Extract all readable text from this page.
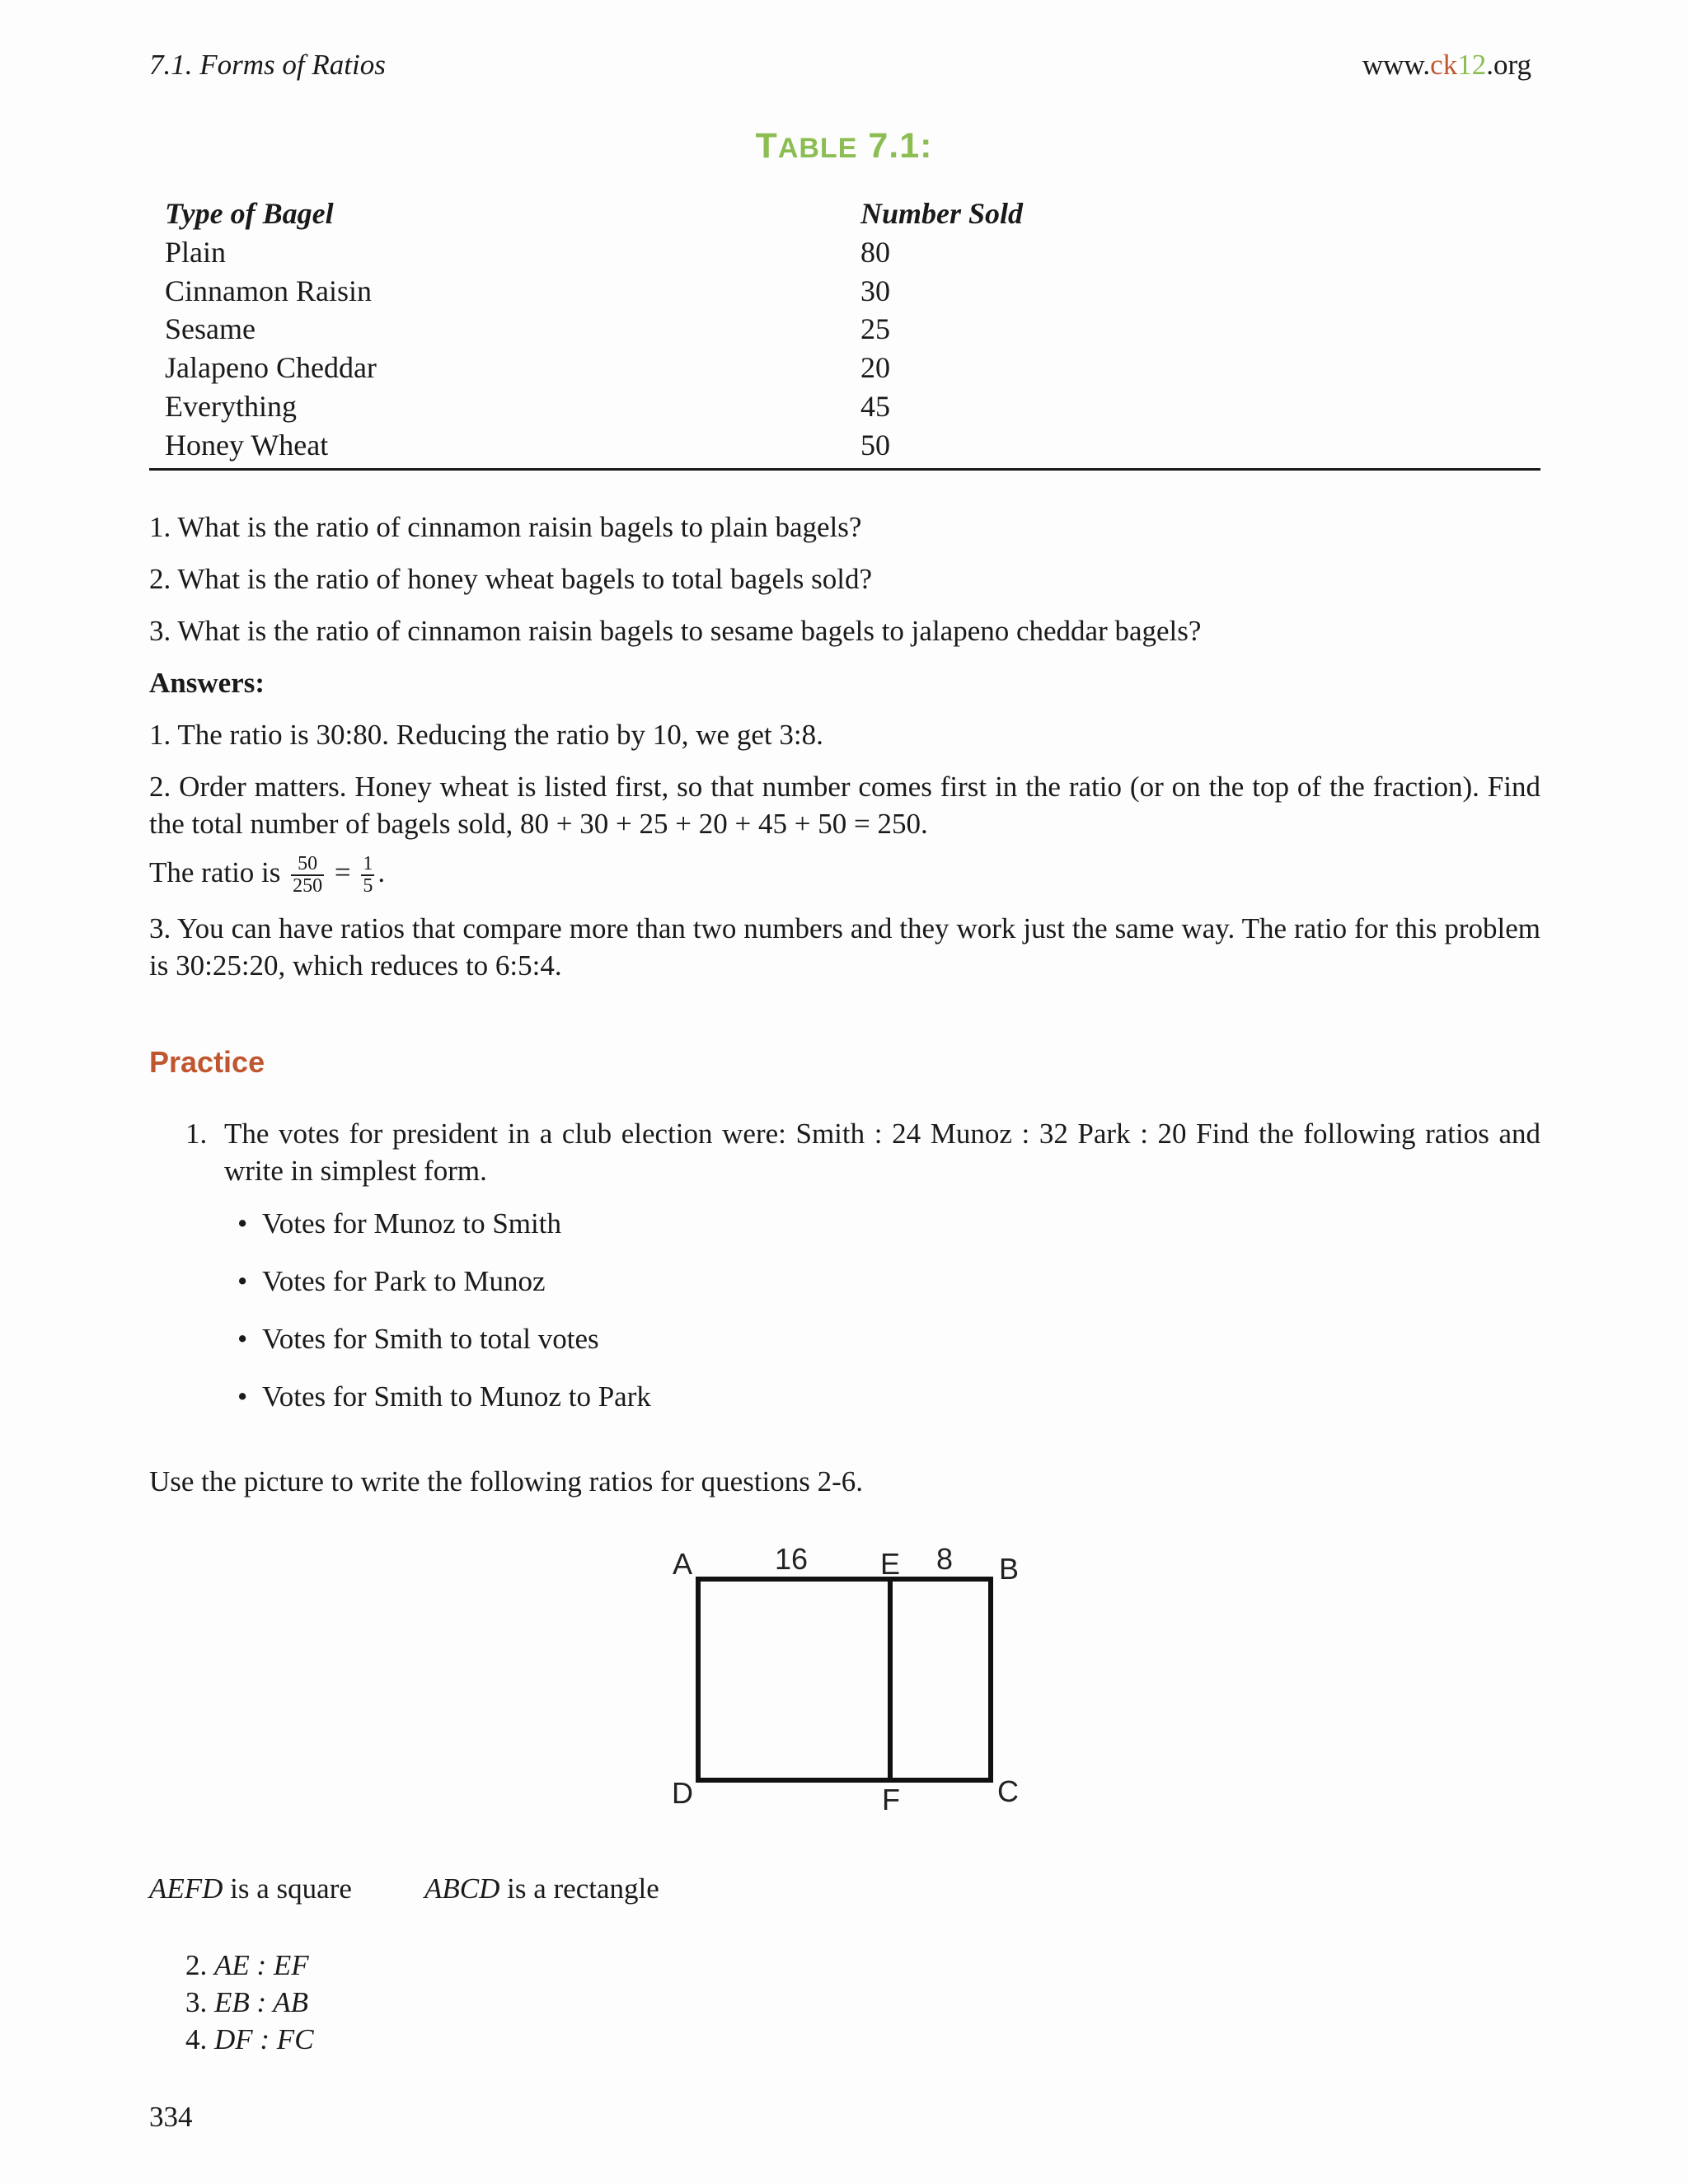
7.1. Forms of Ratios	www.ck12.org
TABLE 7.1:
Type of Bagel	Number Sold
Plain	80
Cinnamon Raisin	30
Sesame	25
Jalapeno Cheddar	20
Everything	45
Honey Wheat	50
1. What is the ratio of cinnamon raisin bagels to plain bagels?
2. What is the ratio of honey wheat bagels to total bagels sold?
3. What is the ratio of cinnamon raisin bagels to sesame bagels to jalapeno cheddar bagels?
Answers:
1. The ratio is 30:80. Reducing the ratio by 10, we get 3:8.
2. Order matters. Honey wheat is listed first, so that number comes first in the ratio (or on the top of the fraction). Find the total number of bagels sold, 80 + 30 + 25 + 20 + 45 + 50 = 250.
The ratio is $\frac{50}{250} = \frac{1}{5}$ .
3. You can have ratios that compare more than two numbers and they work just the same way. The ratio for this problem is 30:25:20, which reduces to 6:5:4.
Practice
1. The votes for president in a club election were: Smith : 24 Munoz : 32 Park : 20 Find the following ratios and write in simplest form.
• Votes for Munoz to Smith
• Votes for Park to Munoz
• Votes for Smith to total votes
• Votes for Smith to Munoz to Park
Use the picture to write the following ratios for questions 2-6.
A	16 E 8 B
D	F	C
AEFD is a square	ABCD is a rectangle
2. AE : EF
3. EB : AB
4. DF : FC
334
